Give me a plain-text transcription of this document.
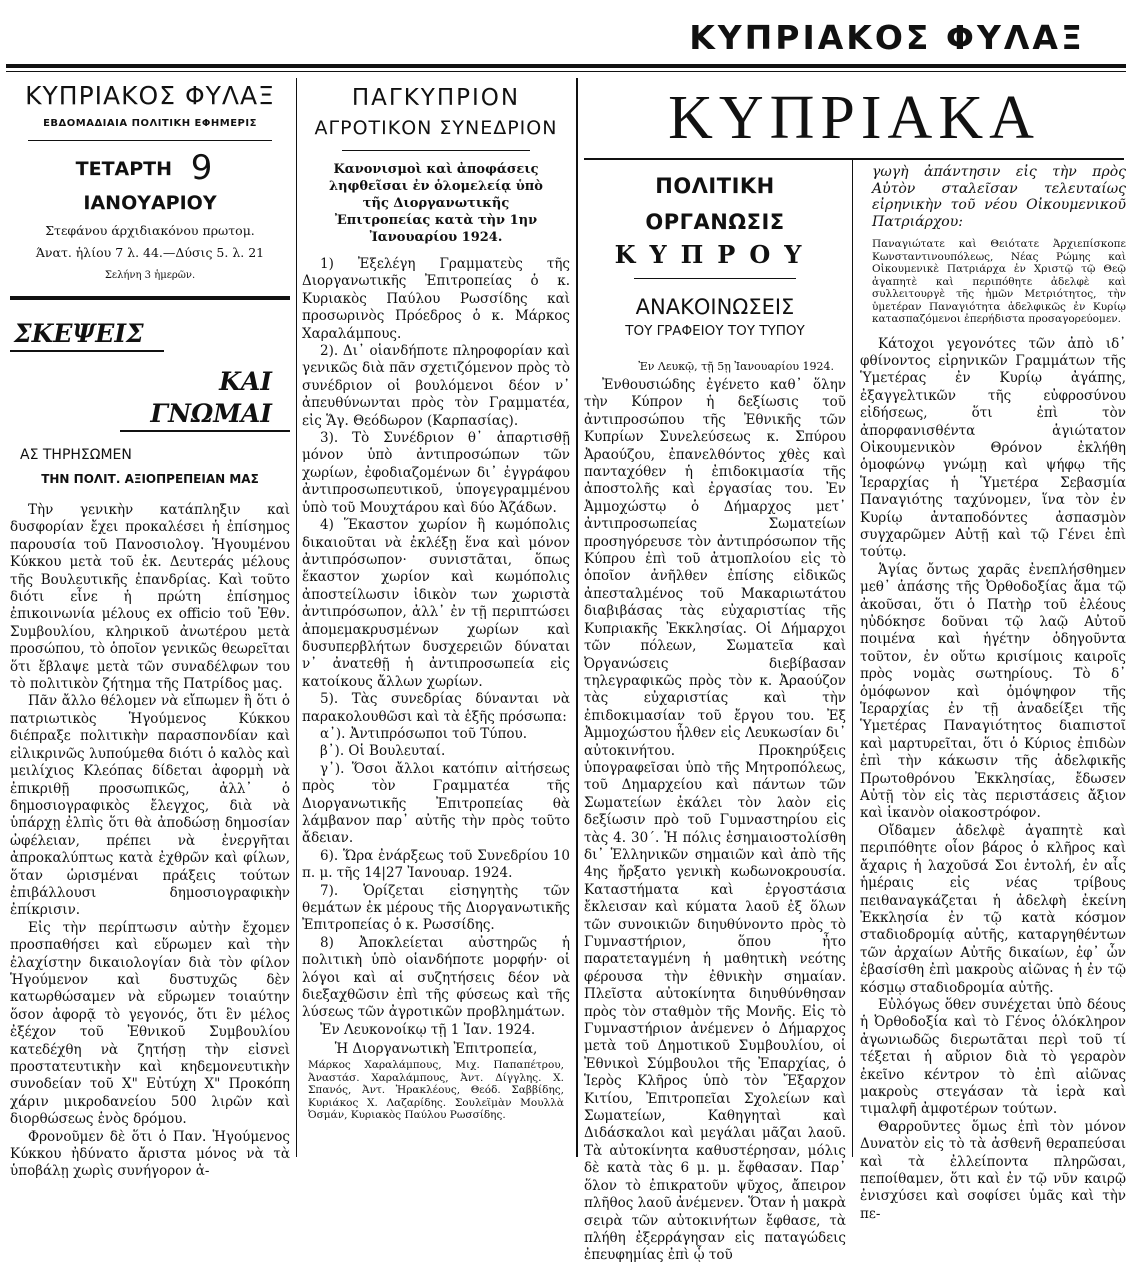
ΚΥΠΡΙΑΚΟΣ ΦΥΛΑΞ
ΚΥΠΡΙΑΚΟΣ ΦΥΛΑΞ
ΕΒΔΟΜΑΔΙΑΙΑ ΠΟΛΙΤΙΚΗ ΕΦΗΜΕΡΙΣ
ΤΕΤΑΡΤΗ 9 ΙΑΝΟΥΑΡΙΟΥ
Στεφάνου άρχιδιακόνου πρωτομ.
Άνατ. ἡλίου 7 λ. 44.—Δύσις 5. λ. 21
Σελήνη 3 ἡμερῶν.
ΣΚΕΨΕΙΣ
ΚΑΙ ΓΝΩΜΑΙ
ΑΣ ΤΗΡΗΣΩΜΕΝ
ΤΗΝ ΠΟΛΙΤ. ΑΞΙΟΠΡΕΠΕΙΑΝ ΜΑΣ

Τὴν γενικὴν κατάπληξιν καὶ δυσφορίαν ἔχει προκαλέσει ἡ ἐπίσημος παρουσία τοῦ Πανοσιολογ. Ἡγουμένου Κύκκου μετὰ τοῦ ἐκ. Δευτεράς μέλους τῆς Βουλευτικῆς ἐπανδρίας. Καὶ τοῦτο διότι εἶνε ἡ πρώτη ἐπίσημος ἐπικοινωνία μέλους ex officio τοῦ Ἐθν. Συμβουλίου, κληρικοῦ ἀνωτέρου μετὰ προσώπου, τὸ ὁποῖον γενικῶς θεωρεῖται ὅτι ἔβλαψε μετὰ τῶν συναδέλφων του τὸ πολιτικὸν ζήτημα τῆς Πατρίδος μας.

Πᾶν ἄλλο θέλομεν νὰ εἴπωμεν ἢ ὅτι ὁ πατριωτικὸς Ἡγούμενος Κύκκου διέπραξε πολιτικὴν παρασπονδίαν καὶ εἰλικρινῶς λυπούμεθα διότι ὁ καλὸς καὶ μειλίχιος Κλεόπας δίδεται ἀφορμὴ νὰ ἐπικριθῇ προσωπικῶς, ἀλλ᾿ ὁ δημοσιογραφικὸς ἔλεγχος, διὰ νὰ ὑπάρχῃ ἐλπὶς ὅτι θὰ ἀποδώσῃ δημοσίαν ὠφέλειαν, πρέπει νὰ ἐνεργῆται ἀπροκαλύπτως κατὰ ἐχθρῶν καὶ φίλων, ὅταν ὡρισμέναι πράξεις τούτων ἐπιβάλλουσι δημοσιογραφικὴν ἐπίκρισιν.

Εἰς τὴν περίπτωσιν αὐτὴν ἔχομεν προσπαθήσει καὶ εὕρωμεν καὶ τὴν ἐλαχίστην δικαιολογίαν διὰ τὸν φίλον Ἡγούμενον καὶ δυστυχῶς δὲν κατωρθώσαμεν νὰ εὕρωμεν τοιαύτην ὅσον ἀφορᾷ τὸ γεγονός, ὅτι ἓν μέλος ἐξέχον τοῦ Ἐθνικοῦ Συμβουλίου κατεδέχθη νὰ ζητήσῃ τὴν εἰσνεὶ προστατευτικὴν καὶ κηδεμονευτικὴν συνοδείαν τοῦ Χ" Εὐτύχη Χ" Προκόπη χάριν μικροδανείου 500 λιρῶν καὶ διορθώσεως ἑνὸς δρόμου.

Φρονοῦμεν δὲ ὅτι ὁ Παν. Ἡγούμενος Κύκκου ἠδύνατο ἄριστα μόνος νὰ τὰ ὑποβάλῃ χωρὶς συνήγορον ἀ-

ΠΑΓΚΥΠΡΙΟΝ
ΑΓΡΟΤΙΚΟΝ ΣΥΝΕΔΡΙΟΝ
Κανονισμοὶ καὶ ἀποφάσεις ληφθεῖσαι ἐν ὁλομελείᾳ ὑπὸ τῆς Διοργανωτικῆς Ἐπιτροπείας κατὰ τὴν 1ην Ἰανουαρίου 1924.

1) Ἐξελέγη Γραμματεὺς τῆς Διοργανωτικῆς Ἐπιτροπείας ὁ κ. Κυριακὸς Παύλου Ρωσσίδης καὶ προσωρινὸς Πρόεδρος ὁ κ. Μάρκος Χαραλάμπους.

2). Δι᾿ οἱανδήποτε πληροφορίαν καὶ γενικῶς διὰ πᾶν σχετιζόμενον πρὸς τὸ συνέδριον οἱ βουλόμενοι δέον ν᾿ ἀπευθύνωνται πρὸς τὸν Γραμματέα, εἰς Ἅγ. Θεόδωρον (Καρπασίας).

3). Τὸ Συνέδριον θ᾿ ἀπαρτισθῇ μόνον ὑπὸ ἀντιπροσώπων τῶν χωρίων, ἐφοδιαζομένων δι᾿ ἐγγράφου ἀντιπροσωπευτικοῦ, ὑπογεγραμμένου ὑπὸ τοῦ Μουχτάρου καὶ δύο Ἀζάδων.

4) Ἕκαστον χωρίον ἢ κωμόπολις δικαιοῦται νὰ ἐκλέξῃ ἕνα καὶ μόνον ἀντιπρόσωπον· συνιστᾶται, ὅπως ἕκαστον χωρίον καὶ κωμόπολις ἀποστείλωσιν ἰδικὸν των χωριστὰ ἀντιπρόσωπον, ἀλλ᾿ ἐν τῇ περιπτώσει ἀπομεμακρυσμένων χωρίων καὶ δυσυπερβλήτων δυσχερειῶν δύναται ν᾿ ἀνατεθῇ ἡ ἀντιπροσωπεία εἰς κατοίκους ἄλλων χωρίων.

5). Τὰς συνεδρίας δύνανται νὰ παρακολουθῶσι καὶ τὰ ἑξῆς πρόσωπα:

α᾿). Ἀντιπρόσωποι τοῦ Τύπου.

β᾿). Οἱ Βουλευταί.

γ᾿). Ὅσοι ἄλλοι κατόπιν αἰτήσεως πρὸς τὸν Γραμματέα τῆς Διοργανωτικῆς Ἐπιτροπείας θὰ λάμβανον παρ᾿ αὐτῆς τὴν πρὸς τοῦτο ἄδειαν.

6). Ὥρα ἐνάρξεως τοῦ Συνεδρίου 10 π. μ. τῆς 14|27 Ἰανουαρ. 1924.

7). Ὁρίζεται εἰσηγητὴς τῶν θεμάτων ἐκ μέρους τῆς Διοργανωτικῆς Ἐπιτροπείας ὁ κ. Ρωσσίδης.

8) Ἀποκλείεται αὐστηρῶς ἡ πολιτικὴ ὑπὸ οἱανδήποτε μορφήν· οἱ λόγοι καὶ αἱ συζητήσεις δέον νὰ διεξαχθῶσιν ἐπὶ τῆς φύσεως καὶ τῆς λύσεως τῶν ἀγροτικῶν προβλημάτων.

Ἐν Λευκονοίκῳ τῇ 1 Ἰαν. 1924.

Ἡ Διοργανωτικὴ Ἐπιτροπεία,

Μάρκος Χαραλάμπους, Μιχ. Παπαπέτρου, Ἀναστάσ. Χαραλάμπους, Ἀντ. Δίγγλης. Χ. Σπανός, Ἀντ. Ἡρακλέους, Θεόδ. Σαββίδης, Κυριάκος Χ. Λαζαρίδης. Σουλεϊμὰν Μουλλὰ Ὀσμάν, Κυριακὸς Παύλου Ρωσσίδης.

ΚΥΠΡΙΑΚΑ
ΠΟΛΙΤΙΚΗ ΟΡΓΑΝΩΣΙΣ
ΚΥΠΡΟΥ
ΑΝΑΚΟΙΝΩΣΕΙΣ
ΤΟΥ ΓΡΑΦΕΙΟΥ ΤΟΥ ΤΥΠΟΥ
Ἐν Λευκῷ, τῇ 5ῃ Ἰανουαρίου 1924.

Ἐνθουσιώδης ἐγένετο καθ᾿ ὅλην τὴν Κύπρον ἡ δεξίωσις τοῦ ἀντιπροσώπου τῆς Ἐθνικῆς τῶν Κυπρίων Συνελεύσεως κ. Σπύρου Ἀραούζου, ἐπανελθόντος χθὲς καὶ πανταχόθεν ἡ ἐπιδοκιμασία τῆς ἀποστολῆς καὶ ἐργασίας του. Ἐν Ἀμμοχώστῳ ὁ Δήμαρχος μετ᾿ ἀντιπροσωπείας Σωματείων προσηγόρευσε τὸν ἀντιπρόσωπον τῆς Κύπρου ἐπὶ τοῦ ἀτμοπλοίου εἰς τὸ ὁποῖον ἀνῆλθεν ἐπίσης εἰδικῶς ἀπεσταλμένος τοῦ Μακαριωτάτου διαβιβάσας τὰς εὐχαριστίας τῆς Κυπριακῆς Ἐκκλησίας. Οἱ Δήμαρχοι τῶν πόλεων, Σωματεῖα καὶ Ὀργανώσεις διεβίβασαν τηλεγραφικῶς πρὸς τὸν κ. Ἀραούζον τὰς εὐχαριστίας καὶ τὴν ἐπιδοκιμασίαν τοῦ ἔργου του. Ἐξ Ἀμμοχώστου ἦλθεν εἰς Λευκωσίαν δι᾿ αὐτοκινήτου. Προκηρύξεις ὑπογραφεῖσαι ὑπὸ τῆς Μητροπόλεως, τοῦ Δημαρχείου καὶ πάντων τῶν Σωματείων ἐκάλει τὸν λαὸν εἰς δεξίωσιν πρὸ τοῦ Γυμναστηρίου εἰς τὰς 4. 30΄. Ἡ πόλις ἐσημαιοστολίσθη δι᾿ Ἑλληνικῶν σημαιῶν καὶ ἀπὸ τῆς 4ης ἤρξατο γενικὴ κωδωνοκρουσία. Καταστήματα καὶ ἐργοστάσια ἔκλεισαν καὶ κύματα λαοῦ ἐξ ὅλων τῶν συνοικιῶν διηυθύνοντο πρὸς τὸ Γυμναστήριον, ὅπου ἦτο παρατεταγμένη ἡ μαθητικὴ νεότης φέρουσα τὴν ἐθνικὴν σημαίαν. Πλεῖστα αὐτοκίνητα διηυθύνθησαν πρὸς τὸν σταθμὸν τῆς Μονῆς. Εἰς τὸ Γυμναστήριον ἀνέμενεν ὁ Δήμαρχος μετὰ τοῦ Δημοτικοῦ Συμβουλίου, οἱ Ἐθνικοὶ Σύμβουλοι τῆς Ἐπαρχίας, ὁ Ἱερὸς Κλῆρος ὑπὸ τὸν Ἔξαρχον Κιτίου, Ἐπιτροπεῖαι Σχολείων καὶ Σωματείων, Καθηγηταὶ καὶ Διδάσκαλοι καὶ μεγάλαι μᾶζαι λαοῦ. Τὰ αὐτοκίνητα καθυστέρησαν, μόλις δὲ κατὰ τὰς 6 μ. μ. ἔφθασαν. Παρ᾿ ὅλον τὸ ἐπικρατοῦν ψῦχος, ἄπειρον πλῆθος λαοῦ ἀνέμενεν. Ὅταν ἡ μακρὰ σειρὰ τῶν αὐτοκινήτων ἔφθασε, τὰ πλήθη ἐξερράγησαν εἰς παταγώδεις ἐπευφημίας ἐπὶ ᾧ τοῦ

γωγὴ ἀπάντησιν εἰς τὴν πρὸς Αὐτὸν σταλεῖσαν τελευταίως εἰρηνικὴν τοῦ νέου Οἰκουμενικοῦ Πατριάρχου:

Παναγιώτατε καὶ Θειότατε Ἀρχιεπίσκοπε Κωνσταντινουπόλεως, Νέας Ρώμης καὶ Οἰκουμενικὲ Πατριάρχα ἐν Χριστῷ τῷ Θεῷ ἀγαπητὲ καὶ περιπόθητε ἀδελφὲ καὶ συλλειτουργὲ τῆς ἡμῶν Μετριότητος, τὴν ὑμετέραν Παναγιότητα ἀδελφικῶς ἐν Κυρίῳ κατασπαζόμενοι ἐπερήδιστα προσαγορεύομεν.

Κάτοχοι γεγονότες τῶν ἀπὸ ιδ᾿ φθίνοντος εἰρηνικῶν Γραμμάτων τῆς Ὑμετέρας ἐν Κυρίῳ ἀγάπης, ἐξαγγελτικῶν τῆς εὐφροσύνου εἰδήσεως, ὅτι ἐπὶ τὸν ἀπορφανισθέντα ἁγιώτατον Οἰκουμενικὸν Θρόνον ἐκλήθη ὁμοφώνῳ γνώμῃ καὶ ψήφῳ τῆς Ἱεραρχίας ἡ Ὑμετέρα Σεβασμία Παναγιότης ταχύνομεν, ἵνα τὸν ἐν Κυρίῳ ἀνταποδόντες ἀσπασμὸν συγχαρῶμεν Αὐτῇ καὶ τῷ Γένει ἐπὶ τούτῳ.

Ἁγίας ὄντως χαρᾶς ἐνεπλήσθημεν μεθ᾿ ἁπάσης τῆς Ὀρθοδοξίας ἅμα τῷ ἀκοῦσαι, ὅτι ὁ Πατὴρ τοῦ ἐλέους ηὐδόκησε δοῦναι τῷ λαῷ Αὐτοῦ ποιμένα καὶ ἡγέτην ὁδηγοῦντα τοῦτον, ἐν οὕτω κρισίμοις καιροῖς πρὸς νομὰς σωτηρίους. Τὸ δ᾿ ὁμόφωνον καὶ ὁμόψηφον τῆς Ἱεραρχίας ἐν τῇ ἀναδείξει τῆς Ὑμετέρας Παναγιότητος διαπιστοῖ καὶ μαρτυρεῖται, ὅτι ὁ Κύριος ἐπιδὼν ἐπὶ τὴν κάκωσιν τῆς ἀδελφικῆς Πρωτοθρόνου Ἐκκλησίας, ἔδωσεν Αὐτῇ τὸν εἰς τὰς περιστάσεις ἄξιον καὶ ἱκανὸν οἰακοστρόφον.

Οἴδαμεν ἀδελφὲ ἀγαπητὲ καὶ περιπόθητε οἷον βάρος ὁ κλῆρος καὶ ἄχαρις ἡ λαχοῦσά Σοι ἐντολή, ἐν αἷς ἡμέραις εἰς νέας τρίβους πειθαναγκάζεται ἡ ἀδελφὴ ἐκείνη Ἐκκλησία ἐν τῷ κατὰ κόσμον σταδιοδρομίᾳ αὐτῆς, καταργηθέντων τῶν ἀρχαίων Αὐτῆς δικαίων, ἐφ᾿ ὧν ἐβασίσθη ἐπὶ μακροὺς αἰῶνας ἡ ἐν τῷ κόσμῳ σταδιοδρομία αὐτῆς.

Εὐλόγως ὅθεν συνέχεται ὑπὸ δέους ἡ Ὀρθοδοξία καὶ τὸ Γένος ὁλόκληρον ἀγωνιωδῶς διερωτᾶται περὶ τοῦ τί τέξεται ἡ αὔριον διὰ τὸ γεραρὸν ἐκεῖνο κέντρον τὸ ἐπὶ αἰῶνας μακροὺς στεγάσαν τὰ ἱερὰ καὶ τιμαλφῆ ἀμφοτέρων τούτων.

Θαρροῦντες ὅμως ἐπὶ τὸν μόνον Δυνατὸν εἰς τὸ τὰ ἀσθενῆ θεραπεύσαι καὶ τὰ ἐλλείποντα πληρῶσαι, πεποίθαμεν, ὅτι καὶ ἐν τῷ νῦν καιρῷ ἐνισχύσει καὶ σοφίσει ὑμᾶς καὶ τὴν πε-
